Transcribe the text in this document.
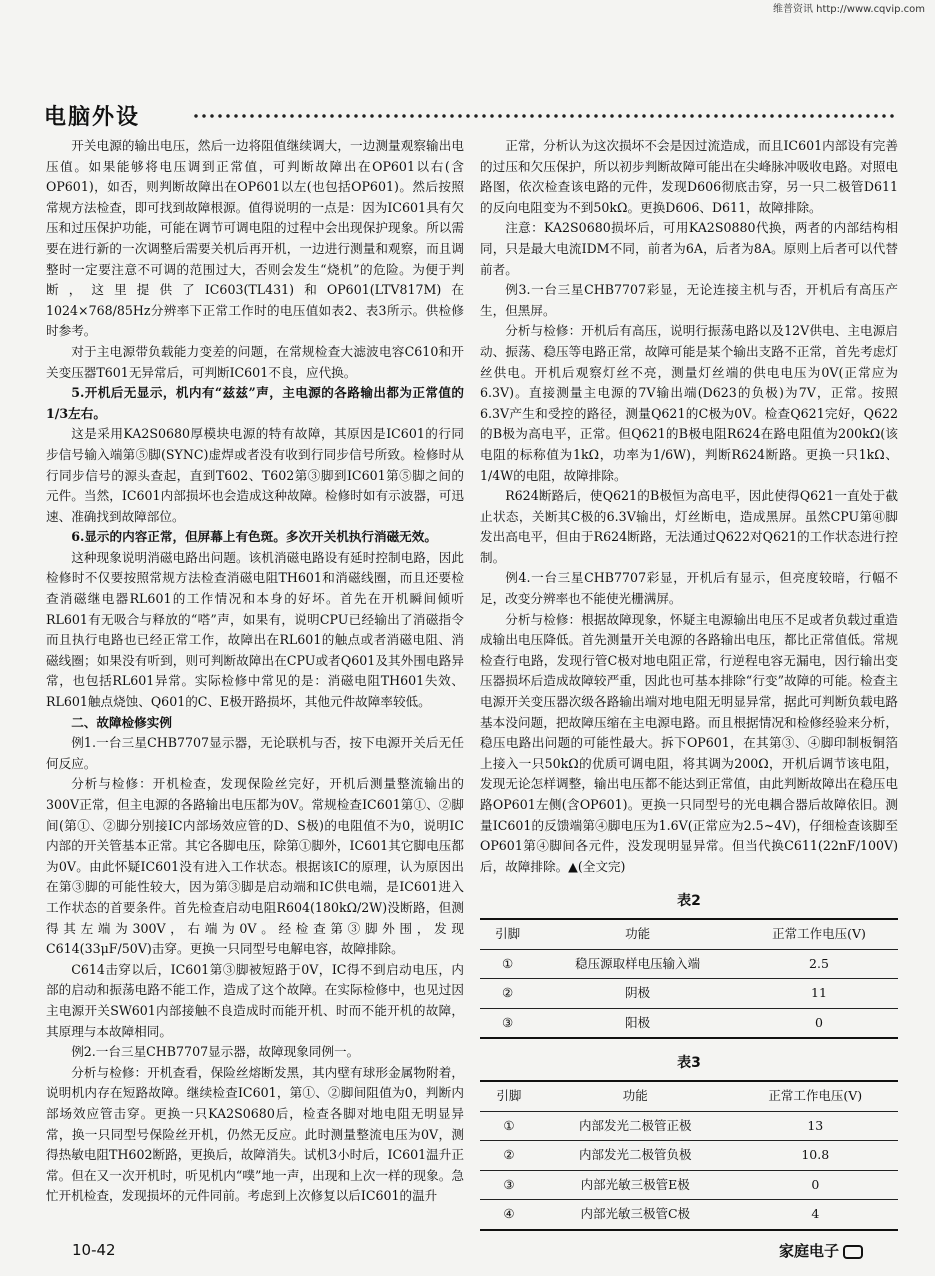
维普资讯 http://www.cqvip.com
电脑外设

开关电源的输出电压，然后一边将阻值继续调大，一边测量观察输出电压值。如果能够将电压调到正常值，可判断故障出在OP601以右(含OP601)，如否，则判断故障出在OP601以左(也包括OP601)。然后按照常规方法检查，即可找到故障根源。值得说明的一点是：因为IC601具有欠压和过压保护功能，可能在调节可调电阻的过程中会出现保护现象。所以需要在进行新的一次调整后需要关机后再开机，一边进行测量和观察，而且调整时一定要注意不可调的范围过大，否则会发生“烧机”的危险。为便于判断，这里提供了IC603(TL431)和OP601(LTV817M)在1024×768/85Hz分辨率下正常工作时的电压值如表2、表3所示。供检修时参考。

对于主电源带负载能力变差的问题，在常规检查大滤波电容C610和开关变压器T601无异常后，可判断IC601不良，应代换。

5.开机后无显示，机内有“兹兹”声，主电源的各路输出都为正常值的1/3左右。

这是采用KA2S0680厚模块电源的特有故障，其原因是IC601的行同步信号输入端第⑤脚(SYNC)虚焊或者没有收到行同步信号所致。检修时从行同步信号的源头查起，直到T602、T602第③脚到IC601第⑤脚之间的元件。当然，IC601内部损坏也会造成这种故障。检修时如有示波器，可迅速、准确找到故障部位。

6.显示的内容正常，但屏幕上有色斑。多次开关机执行消磁无效。

这种现象说明消磁电路出问题。该机消磁电路设有延时控制电路，因此检修时不仅要按照常规方法检查消磁电阻TH601和消磁线圈，而且还要检查消磁继电器RL601的工作情况和本身的好坏。首先在开机瞬间倾听RL601有无吸合与释放的“嗒”声，如果有，说明CPU已经输出了消磁指令而且执行电路也已经正常工作，故障出在RL601的触点或者消磁电阻、消磁线圈；如果没有听到，则可判断故障出在CPU或者Q601及其外围电路异常，也包括RL601异常。实际检修中常见的是：消磁电阻TH601失效、RL601触点烧蚀、Q601的C、E极开路损坏，其他元件故障率较低。

二、故障检修实例

例1.一台三星CHB7707显示器，无论联机与否，按下电源开关后无任何反应。

分析与检修：开机检查，发现保险丝完好，开机后测量整流输出的300V正常，但主电源的各路输出电压都为0V。常规检查IC601第①、②脚间(第①、②脚分别接IC内部场效应管的D、S极)的电阻值不为0，说明IC内部的开关管基本正常。其它各脚电压，除第①脚外，IC601其它脚电压都为0V。由此怀疑IC601没有进入工作状态。根据该IC的原理，认为原因出在第③脚的可能性较大，因为第③脚是启动端和IC供电端，是IC601进入工作状态的首要条件。首先检查启动电阻R604(180kΩ/2W)没断路，但测得其左端为300V，右端为0V。经检查第③脚外围，发现C614(33μF/50V)击穿。更换一只同型号电解电容，故障排除。

C614击穿以后，IC601第③脚被短路于0V，IC得不到启动电压，内部的启动和振荡电路不能工作，造成了这个故障。在实际检修中，也见过因主电源开关SW601内部接触不良造成时而能开机、时而不能开机的故障，其原理与本故障相同。

例2.一台三星CHB7707显示器，故障现象同例一。

分析与检修：开机查看，保险丝熔断发黑，其内壁有球形金属物附着，说明机内存在短路故障。继续检查IC601，第①、②脚间阻值为0，判断内部场效应管击穿。更换一只KA2S0680后，检查各脚对地电阻无明显异常，换一只同型号保险丝开机，仍然无反应。此时测量整流电压为0V，测得热敏电阻TH602断路，更换后，故障消失。试机3小时后，IC601温升正常。但在又一次开机时，听见机内“噗”地一声，出现和上次一样的现象。急忙开机检查，发现损坏的元件同前。考虑到上次修复以后IC601的温升

正常，分析认为这次损坏不会是因过流造成，而且IC601内部设有完善的过压和欠压保护，所以初步判断故障可能出在尖峰脉冲吸收电路。对照电路图，依次检查该电路的元件，发现D606彻底击穿，另一只二极管D611的反向电阻变为不到50kΩ。更换D606、D611，故障排除。

注意：KA2S0680损坏后，可用KA2S0880代换，两者的内部结构相同，只是最大电流IDM不同，前者为6A，后者为8A。原则上后者可以代替前者。

例3.一台三星CHB7707彩显，无论连接主机与否，开机后有高压产生，但黑屏。

分析与检修：开机后有高压，说明行振荡电路以及12V供电、主电源启动、振荡、稳压等电路正常，故障可能是某个输出支路不正常，首先考虑灯丝供电。开机后观察灯丝不亮，测量灯丝端的供电电压为0V(正常应为6.3V)。直接测量主电源的7V输出端(D623的负极)为7V，正常。按照6.3V产生和受控的路径，测量Q621的C极为0V。检查Q621完好，Q622的B极为高电平，正常。但Q621的B极电阻R624在路电阻值为200kΩ(该电阻的标称值为1kΩ，功率为1/6W)，判断R624断路。更换一只1kΩ、1/4W的电阻，故障排除。

R624断路后，使Q621的B极恒为高电平，因此使得Q621一直处于截止状态，关断其C极的6.3V输出，灯丝断电，造成黑屏。虽然CPU第㊶脚发出高电平，但由于R624断路，无法通过Q622对Q621的工作状态进行控制。

例4.一台三星CHB7707彩显，开机后有显示，但亮度较暗，行幅不足，改变分辨率也不能使光栅满屏。

分析与检修：根据故障现象，怀疑主电源输出电压不足或者负载过重造成输出电压降低。首先测量开关电源的各路输出电压，都比正常值低。常规检查行电路，发现行管C极对地电阻正常，行逆程电容无漏电，因行输出变压器损坏后造成故障较严重，因此也可基本排除“行变”故障的可能。检查主电源开关变压器次级各路输出端对地电阻无明显异常，据此可判断负载电路基本没问题，把故障压缩在主电源电路。而且根据情况和检修经验来分析，稳压电路出问题的可能性最大。拆下OP601，在其第③、④脚印制板铜箔上接入一只50kΩ的优质可调电阻，将其调为200Ω，开机后调节该电阻，发现无论怎样调整，输出电压都不能达到正常值，由此判断故障出在稳压电路OP601左侧(含OP601)。更换一只同型号的光电耦合器后故障依旧。测量IC601的反馈端第④脚电压为1.6V(正常应为2.5~4V)，仔细检查该脚至OP601第④脚间各元件，没发现明显异常。但当代换C611(22nF/100V)后，故障排除。▲(全文完)

表2
引脚	功能	正常工作电压(V)
①	稳压源取样电压输入端	2.5
②	阴极	11
③	阳极	0
表3
引脚	功能	正常工作电压(V)
①	内部发光二极管正极	13
②	内部发光二极管负极	10.8
③	内部光敏三极管E极	0
④	内部光敏三极管C极	4
10-42	家庭电子
